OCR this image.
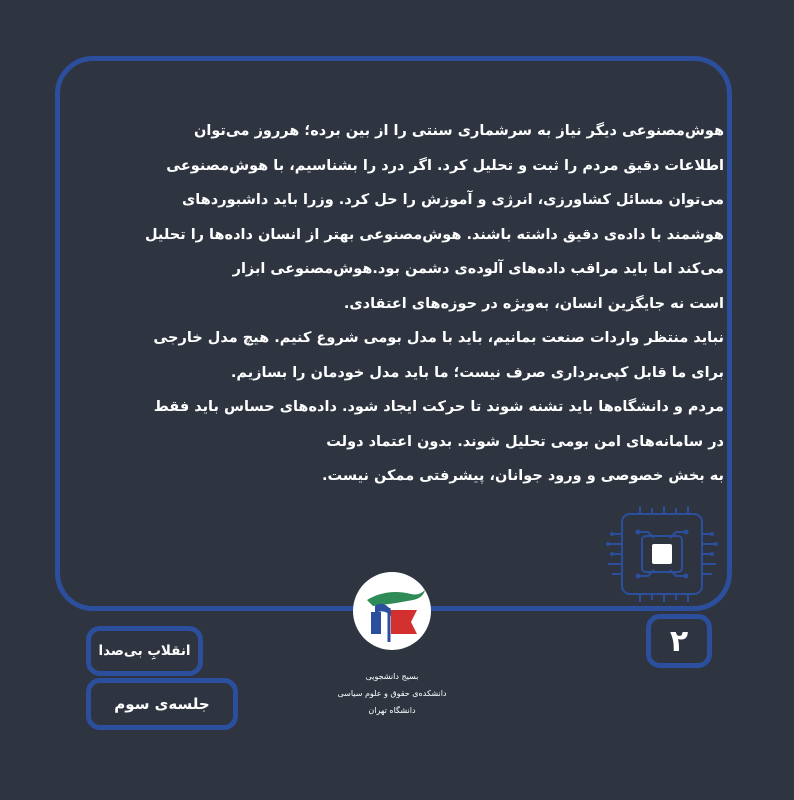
هوش‌مصنوعی دیگر نیاز به سرشماری سنتی را از بین برده؛ هرروز می‌توان
اطلاعات دقیق مردم را ثبت و تحلیل کرد. اگر درد را بشناسیم، با هوش‌مصنوعی
می‌توان مسائل کشاورزی، انرژی و آموزش را حل کرد. وزرا باید داشبوردهای
هوشمند با داده‌ی دقیق داشته باشند. هوش‌مصنوعی بهتر از انسان داده‌ها را تحلیل
می‌کند اما باید مراقب داده‌های آلوده‌ی دشمن بود.هوش‌مصنوعی ابزار
است نه جایگزین انسان، به‌ویژه در حوزه‌های اعتقادی.
نباید منتظر واردات صنعت بمانیم، باید با مدل بومی شروع کنیم. هیچ مدل خارجی
برای ما قابل کپی‌برداری صرف نیست؛ ما باید مدل خودمان را بسازیم.
مردم و دانشگاه‌ها باید تشنه شوند تا حرکت ایجاد شود. داده‌های حساس باید فقط
در سامانه‌های امن بومی تحلیل شوند. بدون اعتماد دولت
به بخش خصوصی و ورود جوانان، پیشرفتی ممکن نیست.
بسیج دانشجویی
دانشکده‌ی حقوق و علوم سیاسی
دانشگاه تهران
۲
انقلابِ بی‌صدا
جلسه‌ی سوم
